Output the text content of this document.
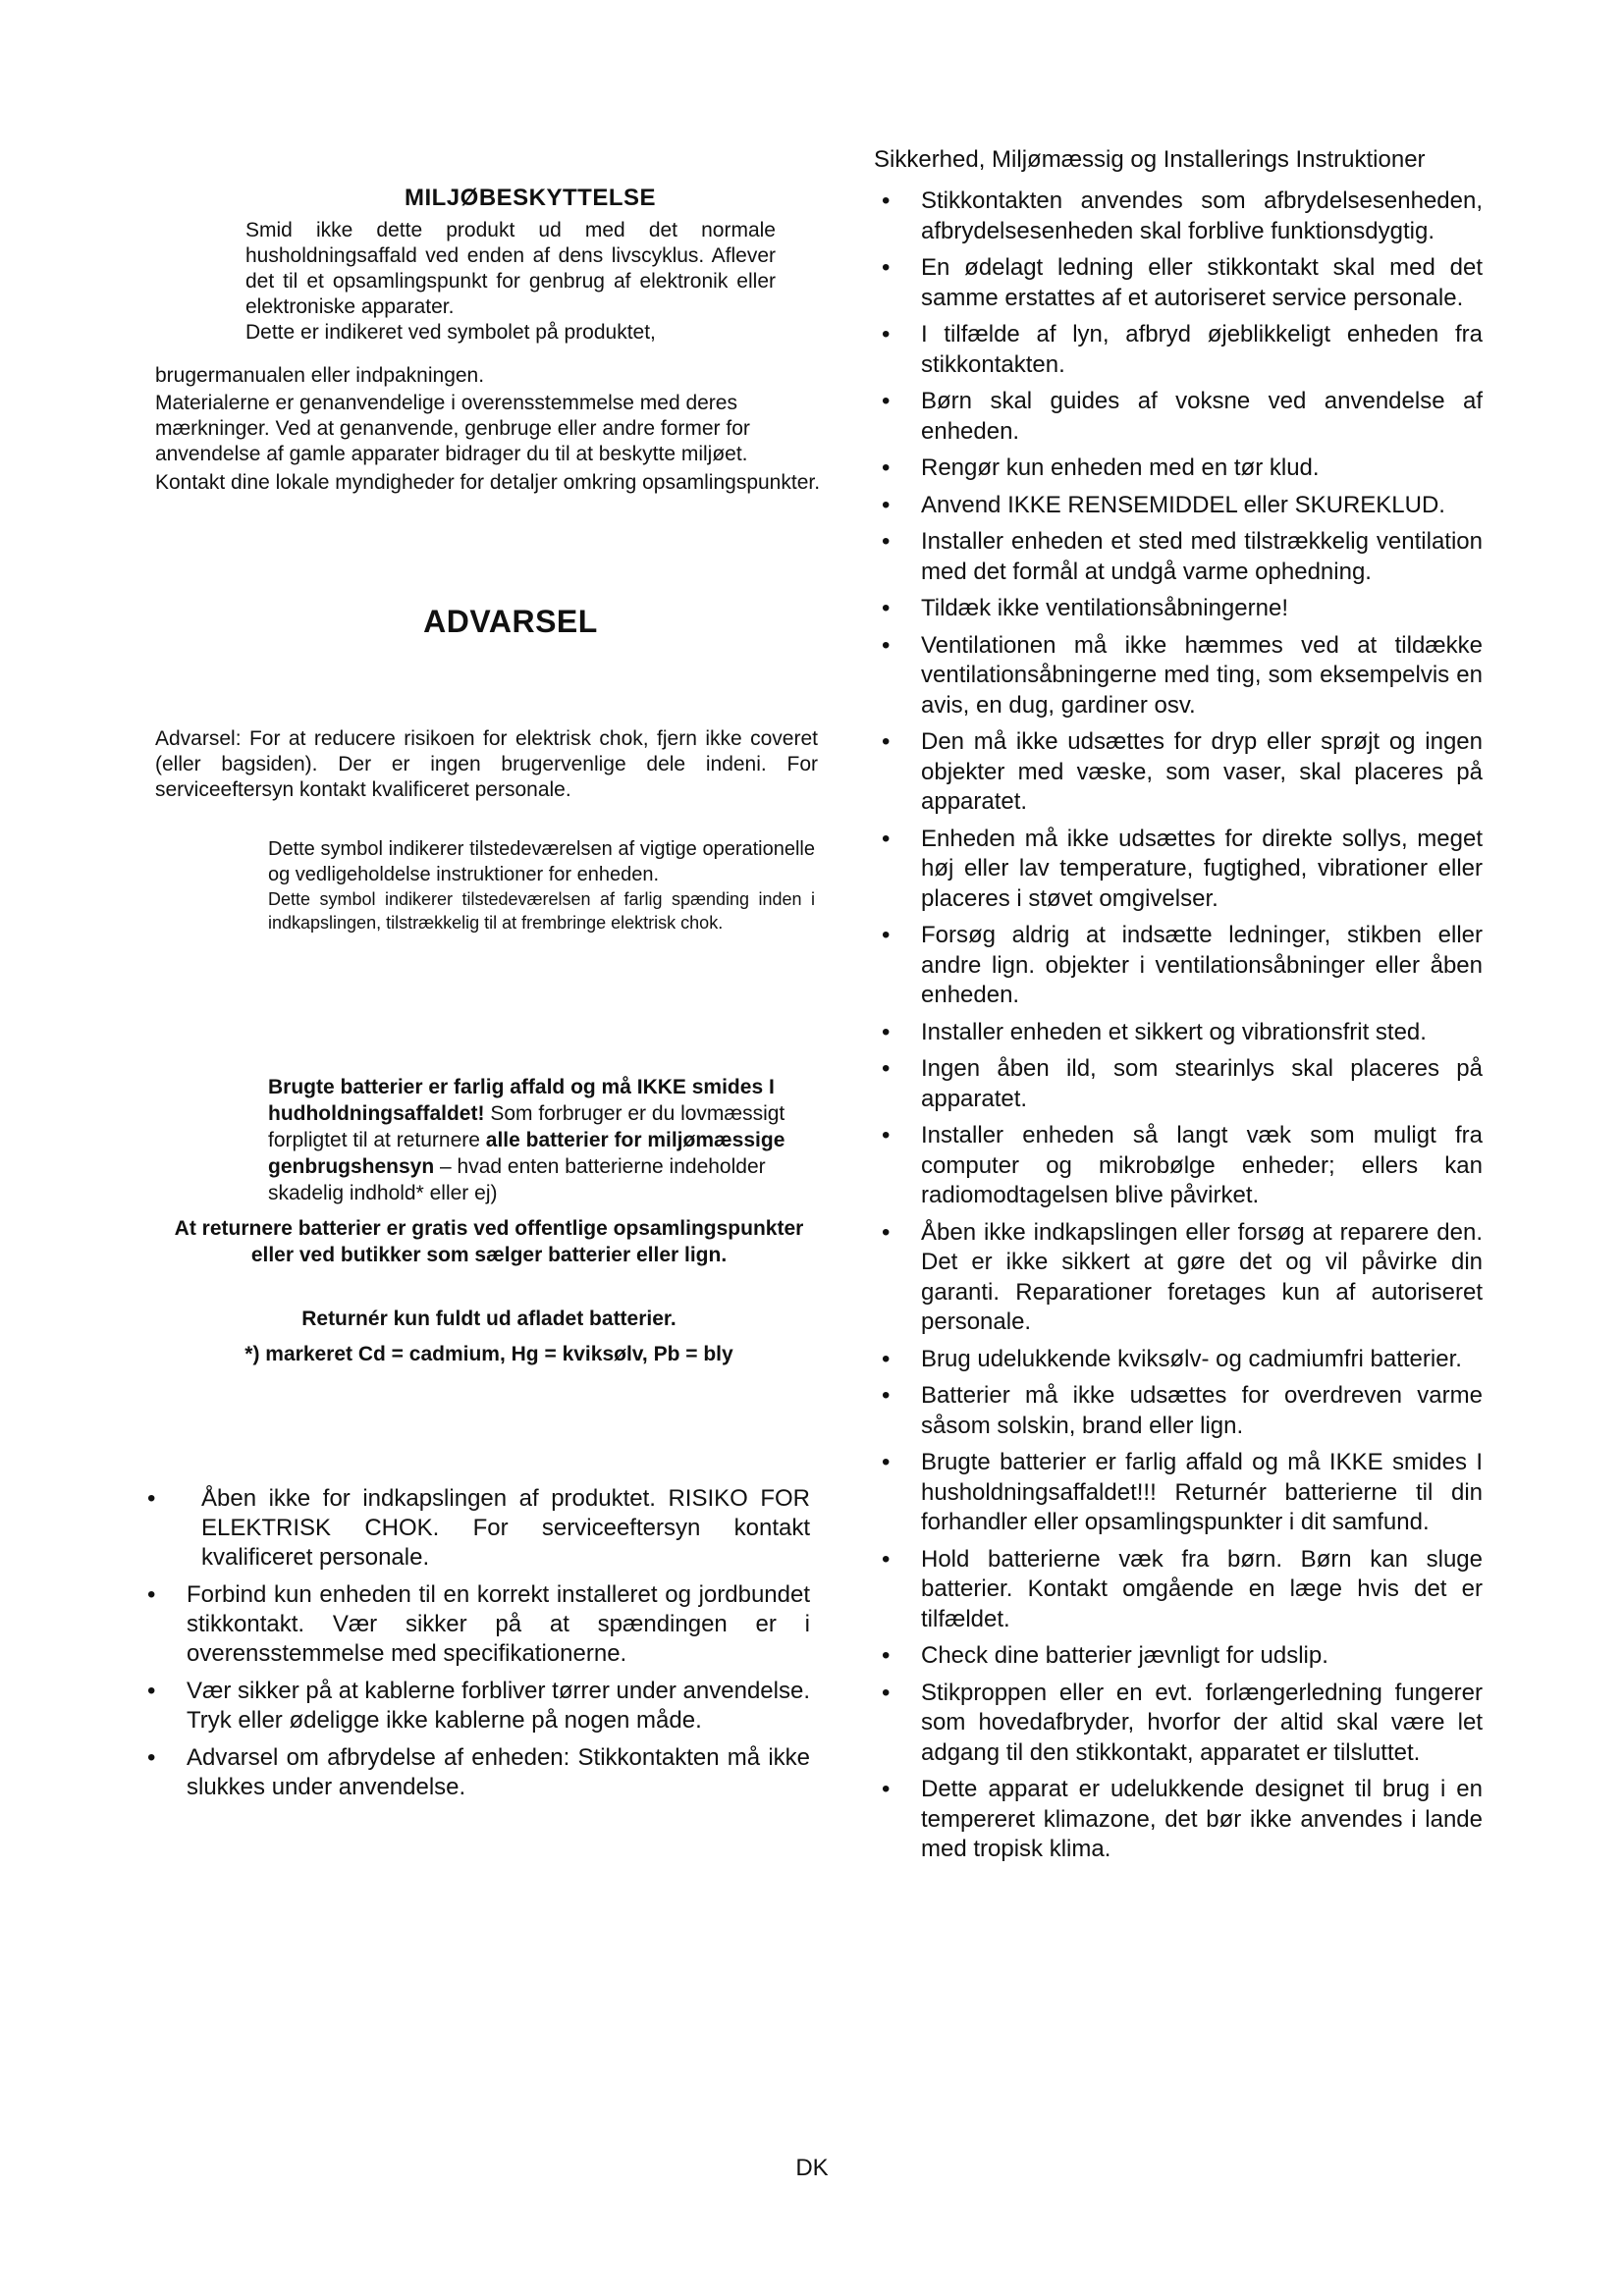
MILJØBESKYTTELSE
Smid ikke dette produkt ud med det normale husholdningsaffald ved enden af dens livscyklus. Aflever det til et opsamlingspunkt for genbrug af elektronik eller elektroniske apparater.
Dette er indikeret ved symbolet på produktet,
brugermanualen eller indpakningen.

Materialerne er genanvendelige i overensstemmelse med deres mærkninger. Ved at genanvende, genbruge eller andre former for anvendelse af gamle apparater bidrager du til at beskytte miljøet.

Kontakt dine lokale myndigheder for detaljer omkring opsamlingspunkter.

ADVARSEL
Advarsel: For at reducere risikoen for elektrisk chok, fjern ikke coveret (eller bagsiden). Der er ingen brugervenlige dele indeni. For serviceeftersyn kontakt kvalificeret personale.

Dette symbol indikerer tilstedeværelsen af vigtige operationelle og vedligeholdelse instruktioner for enheden.

Dette symbol indikerer tilstedeværelsen af farlig spænding inden i indkapslingen, tilstrækkelig til at frembringe elektrisk chok.

Brugte batterier er farlig affald og må IKKE smides I hudholdningsaffaldet! Som forbruger er du lovmæssigt forpligtet til at returnere alle batterier for miljømæssige genbrugshensyn – hvad enten batterierne indeholder skadelig indhold* eller ej)
At returnere batterier er gratis ved offentlige opsamlingspunkter eller ved butikker som sælger batterier eller lign.
Returnér kun fuldt ud afladet batterier.
*) markeret Cd = cadmium, Hg = kviksølv, Pb = bly
• Åben ikke for indkapslingen af produktet. RISIKO FOR ELEKTRISK CHOK. For serviceeftersyn kontakt kvalificeret personale.
• Forbind kun enheden til en korrekt installeret og jordbundet stikkontakt. Vær sikker på at spændingen er i overensstemmelse med specifikationerne.
• Vær sikker på at kablerne forbliver tørrer under anvendelse. Tryk eller ødeligge ikke kablerne på nogen måde.
• Advarsel om afbrydelse af enheden: Stikkontakten må ikke slukkes under anvendelse.
Sikkerhed, Miljømæssig og Installerings Instruktioner
• Stikkontakten anvendes som afbrydelsesenheden, afbrydelsesenheden skal forblive funktionsdygtig.
• En ødelagt ledning eller stikkontakt skal med det samme erstattes af et autoriseret service personale.
• I tilfælde af lyn, afbryd øjeblikkeligt enheden fra stikkontakten.
• Børn skal guides af voksne ved anvendelse af enheden.
• Rengør kun enheden med en tør klud.
• Anvend IKKE RENSEMIDDEL eller SKUREKLUD.
• Installer enheden et sted med tilstrækkelig ventilation med det formål at undgå varme ophedning.
• Tildæk ikke ventilationsåbningerne!
• Ventilationen må ikke hæmmes ved at tildække ventilationsåbningerne med ting, som eksempelvis en avis, en dug, gardiner osv.
• Den må ikke udsættes for dryp eller sprøjt og ingen objekter med væske, som vaser, skal placeres på apparatet.
• Enheden må ikke udsættes for direkte sollys, meget høj eller lav temperature, fugtighed, vibrationer eller placeres i støvet omgivelser.
• Forsøg aldrig at indsætte ledninger, stikben eller andre lign. objekter i ventilationsåbninger eller åben enheden.
• Installer enheden et sikkert og vibrationsfrit sted.
• Ingen åben ild, som stearinlys skal placeres på apparatet.
• Installer enheden så langt væk som muligt fra computer og mikrobølge enheder; ellers kan radiomodtagelsen blive påvirket.
• Åben ikke indkapslingen eller forsøg at reparere den. Det er ikke sikkert at gøre det og vil påvirke din garanti. Reparationer foretages kun af autoriseret personale.
• Brug udelukkende kviksølv- og cadmiumfri batterier.
• Batterier må ikke udsættes for overdreven varme såsom solskin, brand eller lign.
• Brugte batterier er farlig affald og må IKKE smides I husholdningsaffaldet!!! Returnér batterierne til din forhandler eller opsamlingspunkter i dit samfund.
• Hold batterierne væk fra børn. Børn kan sluge batterier. Kontakt omgående en læge hvis det er tilfældet.
• Check dine batterier jævnligt for udslip.
• Stikproppen eller en evt. forlængerledning fungerer som hovedafbryder, hvorfor der altid skal være let adgang til den stikkontakt, apparatet er tilsluttet.
• Dette apparat er udelukkende designet til brug i en tempereret klimazone, det bør ikke anvendes i lande med tropisk klima.
DK
